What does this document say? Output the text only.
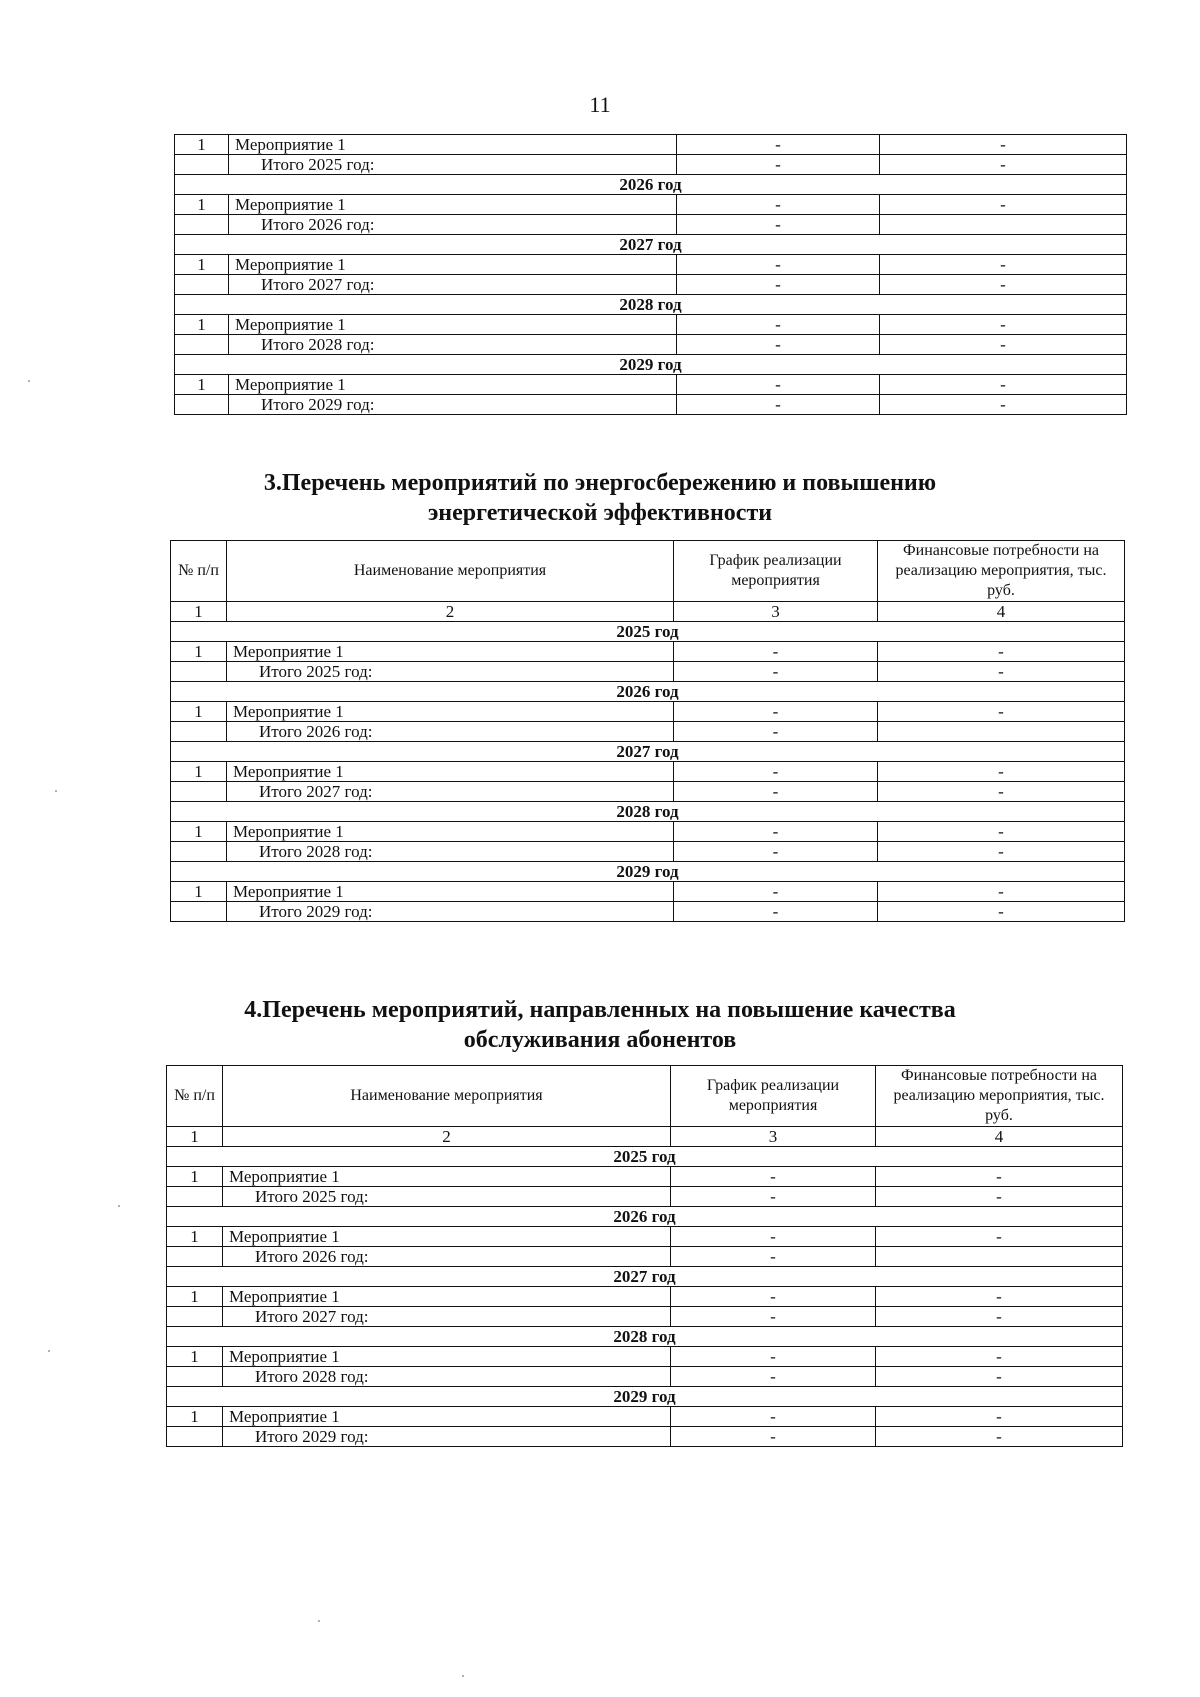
11
1	Мероприятие 1	-	-
	Итого 2025 год:	-	-
2026 год			
1	Мероприятие 1	-	-
	Итого 2026 год:	-	
2027 год			
1	Мероприятие 1	-	-
	Итого 2027 год:	-	-
2028 год			
1	Мероприятие 1	-	-
	Итого 2028 год:	-	-
2029 год			
1	Мероприятие 1	-	-
	Итого 2029 год:	-	-
3.Перечень мероприятий по энергосбережению и повышению
энергетической эффективности
№ п/п	Наименование мероприятия	График реализации мероприятия	Финансовые потребности на реализацию мероприятия, тыс. руб.
1	2	3	4
2025 год			
1	Мероприятие 1	-	-
	Итого 2025 год:	-	-
2026 год			
1	Мероприятие 1	-	-
	Итого 2026 год:	-	
2027 год			
1	Мероприятие 1	-	-
	Итого 2027 год:	-	-
2028 год			
1	Мероприятие 1	-	-
	Итого 2028 год:	-	-
2029 год			
1	Мероприятие 1	-	-
	Итого 2029 год:	-	-
4.Перечень мероприятий, направленных на повышение качества
обслуживания абонентов
№ п/п	Наименование мероприятия	График реализации мероприятия	Финансовые потребности на реализацию мероприятия, тыс. руб.
1	2	3	4
2025 год			
1	Мероприятие 1	-	-
	Итого 2025 год:	-	-
2026 год			
1	Мероприятие 1	-	-
	Итого 2026 год:	-	
2027 год			
1	Мероприятие 1	-	-
	Итого 2027 год:	-	-
2028 год			
1	Мероприятие 1	-	-
	Итого 2028 год:	-	-
2029 год			
1	Мероприятие 1	-	-
	Итого 2029 год:	-	-
